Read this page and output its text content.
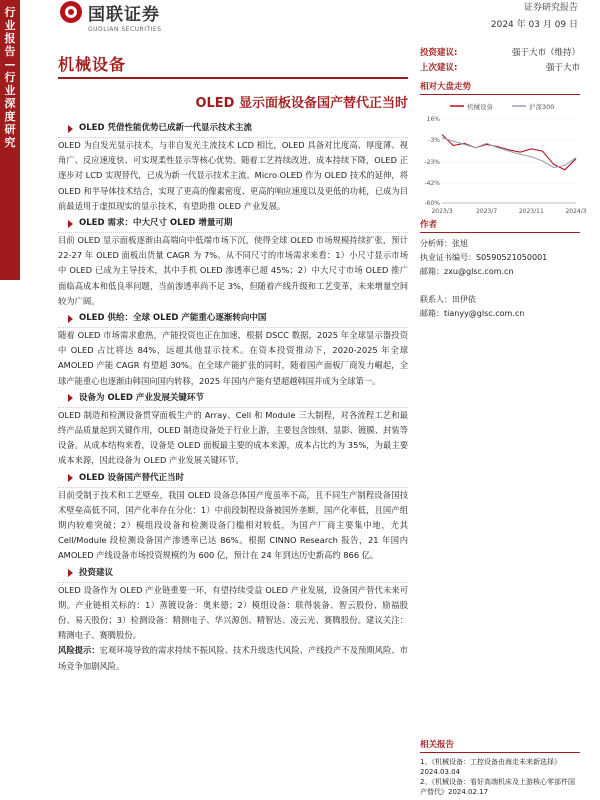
行业报告—行业深度研究
国联证券
GUOLIAN SECURITIES
证券研究报告
2024 年 03 月 09 日
机械设备
投资建议:	强于大市（维持）
上次建议:	强于大市
OLED 显示面板设备国产替代正当时
OLED 凭借性能优势已成新一代显示技术主流
OLED 为自发光显示技术，与非自发光主流技术 LCD 相比，OLED 具备对比度高、厚度薄、视角广、反应速度快、可实现柔性显示等核心优势。随着工艺持续改进、成本持续下降，OLED 正逐步对 LCD 实现替代，已成为新一代显示技术主流。Micro OLED 作为 OLED 技术的延伸，将 OLED 和半导体技术结合，实现了更高的像素密度、更高的响应速度以及更低的功耗，已成为目前最适用于虚拟现实的显示技术，有望助推 OLED 产业发展。
OLED 需求：中大尺寸 OLED 增量可期
目前 OLED 显示面板逐渐由高端向中低端市场下沉，使得全球 OLED 市场规模持续扩张，预计 22-27 年 OLED 面板出货量 CAGR 为 7%。从不同尺寸的市场需求来看：1）小尺寸显示市场中 OLED 已成为主导技术，其中手机 OLED 渗透率已超 45%；2）中大尺寸市场 OLED 推广面临高成本和低良率问题，当前渗透率尚不足 3%，但随着产线升级和工艺变革，未来增量空间较为广阔。
OLED 供给：全球 OLED 产能重心逐渐转向中国
随着 OLED 市场需求愈热，产能投资也正在加速，根据 DSCC 数据，2025 年全球显示器投资中 OLED 占比将达 84%，远超其他显示技术。在资本投资推动下，2020-2025 年全球 AMOLED 产能 CAGR 有望超 30%。在全球产能扩张的同时，随着国产面板厂商发力崛起，全球产能重心也逐渐由韩国向国内转移，2025 年国内产能有望超越韩国并成为全球第一。
设备为 OLED 产业发展关键环节
OLED 制造和检测设备贯穿面板生产的 Array、Cell 和 Module 三大制程，对各流程工艺和最终产品质量起到关键作用，OLED 制造设备处于行业上游，主要包含蚀刻、显影、镀膜、封装等设备。从成本结构来看，设备是 OLED 面板最主要的成本来源，成本占比约为 35%，为最主要成本来源，因此设备为 OLED 产业发展关键环节。
OLED 设备国产替代正当时
目前受制于技术和工艺壁垒，我国 OLED 设备总体国产度虽率不高，且不同生产制程设备国技术壁垒高低不同，国产化率存在分化：1）中前段制程设备被国外垄断，国产化率低，且国产组期内较难突破；2）模组段设备和检测设备门槛相对较低，为国产厂商主要集中地，尤其 Cell/Module 段检测设备国产渗透率已达 86%。根据 CINNO Research 报告，21 年国内 AMOLED 产线设备市场投资规模约为 600 亿，预计在 24 年到达历史新高约 866 亿。
投资建议
OLED 设备作为 OLED 产业链重要一环，有望持续受益 OLED 产业发展，设备国产替代未来可期。产业链相关标的：1）蒸镀设备：奥来德；2）模组设备：联得装备、智云股份、励福股份、易天股份；3）检测设备：精测电子、华兴源创、精智达、凌云光、赛腾股份。建议关注：精测电子、赛腾股份。
风险提示：宏观环境导致的需求持续不振风险、技术升级迭代风险、产线投产不及预期风险、市场竞争加剧风险。
相对大盘走势
机械设备	沪深300
16%
-3%
-23%
-42%
-60%
2023/3	2023/7	2023/11	2024/3
作者
分析师：张旭
执业证书编号：S0590521050001
邮箱：zxu@glsc.com.cn
联系人：田伊依
邮箱：tianyy@glsc.com.cn
相关报告
1、《机械设备：工控设备由海走未来新选择》2024.03.04
2、《机械设备：看好高端机床及上游核心零部件国产替代》2024.02.17
